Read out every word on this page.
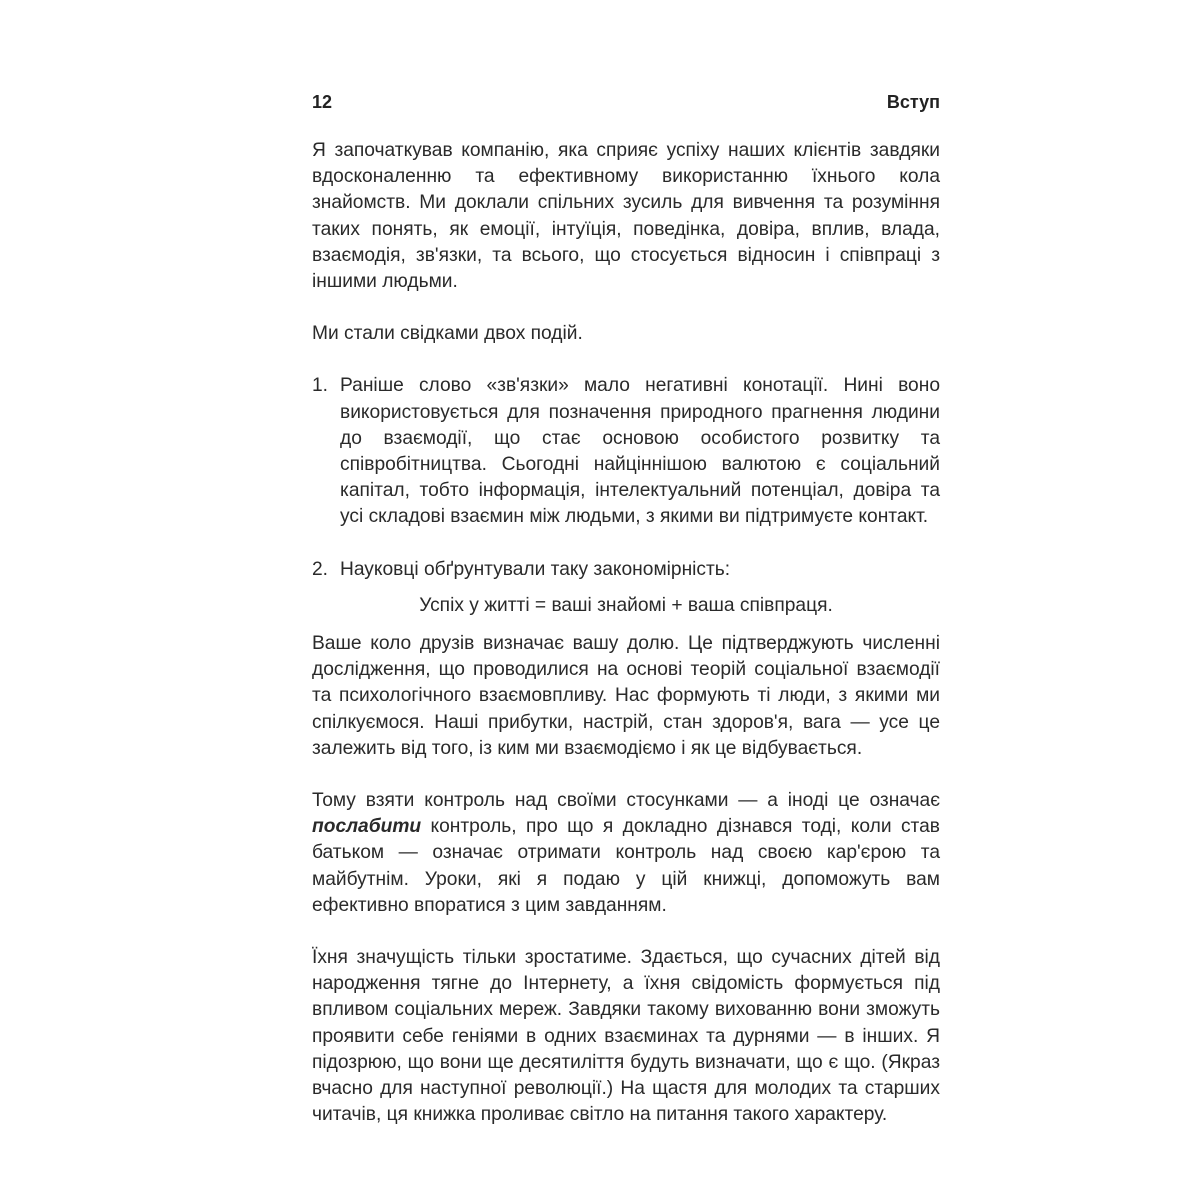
12	Вступ

Я започаткував компанію, яка сприяє успіху наших клієнтів завдяки вдосконаленню та ефективному використанню їхнього кола знайомств. Ми доклали спільних зусиль для вивчення та розуміння таких понять, як емоції, інтуїція, поведінка, довіра, вплив, влада, взаємодія, зв'язки, та всього, що стосується відносин і співпраці з іншими людьми.

Ми стали свідками двох подій.

1. Раніше слово «зв'язки» мало негативні конотації. Нині воно використовується для позначення природного прагнення людини до взаємодії, що стає основою особистого розвитку та співробітництва. Сьогодні найціннішою валютою є соціальний капітал, тобто інформація, інтелектуальний потенціал, довіра та усі складові взаємин між людьми, з якими ви підтримуєте контакт.

2. Науковці обґрунтували таку закономірність:

Успіх у житті = ваші знайомі + ваша співпраця.

Ваше коло друзів визначає вашу долю. Це підтверджують численні дослідження, що проводилися на основі теорій соціальної взаємодії та психологічного взаємовпливу. Нас формують ті люди, з якими ми спілкуємося. Наші прибутки, настрій, стан здоров'я, вага — усе це залежить від того, із ким ми взаємодіємо і як це відбувається.

Тому взяти контроль над своїми стосунками — а іноді це означає послабити контроль, про що я докладно дізнався тоді, коли став батьком — означає отримати контроль над своєю кар'єрою та майбутнім. Уроки, які я подаю у цій книжці, допоможуть вам ефективно впоратися з цим завданням.

Їхня значущість тільки зростатиме. Здається, що сучасних дітей від народження тягне до Інтернету, а їхня свідомість формується під впливом соціальних мереж. Завдяки такому вихованню вони зможуть проявити себе геніями в одних взаєминах та дурнями — в інших. Я підозрюю, що вони ще десятиліття будуть визначати, що є що. (Якраз вчасно для наступної революції.) На щастя для молодих та старших читачів, ця книжка проливає світло на питання такого характеру.
